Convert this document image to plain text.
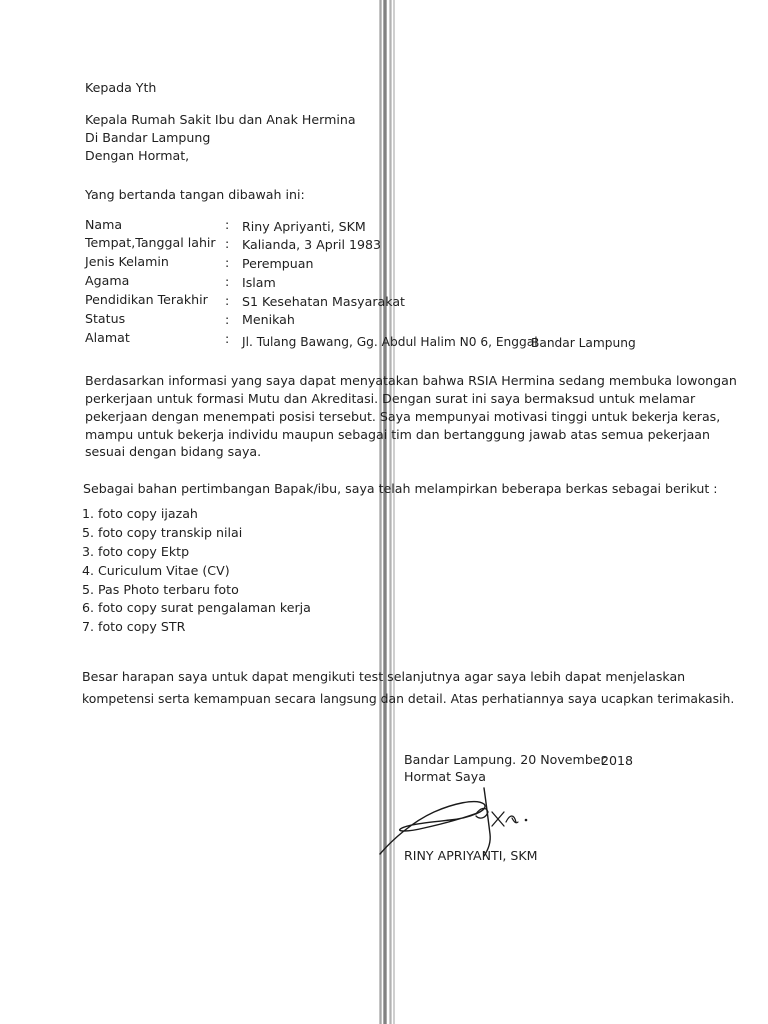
Kepada Yth
Kepala Rumah Sakit Ibu dan Anak Hermina
Di Bandar Lampung
Dengan Hormat,
Yang bertanda tangan dibawah ini:
Nama	: Riny Apriyanti, SKM
Tempat,Tanggal lahir : Kalianda, 3 April 1983
Jenis Kelamin	: Perempuan
Agama	: Islam
Pendidikan Terakhir : S1 Kesehatan Masyarakat
Status	: Menikah
Alamat	: Jl. Tulang Bawang, Gg. Abdul Halim N0 6, Enggal
Bandar Lampung
Berdasarkan informasi yang saya dapat menyatakan bahwa RSIA Hermina sedang membuka lowongan
perkerjaan untuk formasi Mutu dan Akreditasi. Dengan surat ini saya bermaksud untuk melamar
pekerjaan dengan menempati posisi tersebut. Saya mempunyai motivasi tinggi untuk bekerja keras,
mampu untuk bekerja individu maupun sebagai tim dan bertanggung jawab atas semua pekerjaan
sesuai dengan bidang saya.
Sebagai bahan pertimbangan Bapak/ibu, saya telah melampirkan beberapa berkas sebagai berikut :
1. foto copy ijazah
5. foto copy transkip nilai
3. foto copy Ektp
4. Curiculum Vitae (CV)
5. Pas Photo terbaru foto
6. foto copy surat pengalaman kerja
7. foto copy STR
Besar harapan saya untuk dapat mengikuti test selanjutnya agar saya lebih dapat menjelaskan
kompetensi serta kemampuan secara langsung dan detail. Atas perhatiannya saya ucapkan terimakasih.
Bandar Lampung. 20 November
2018
Hormat Saya
RINY APRIYANTI, SKM
